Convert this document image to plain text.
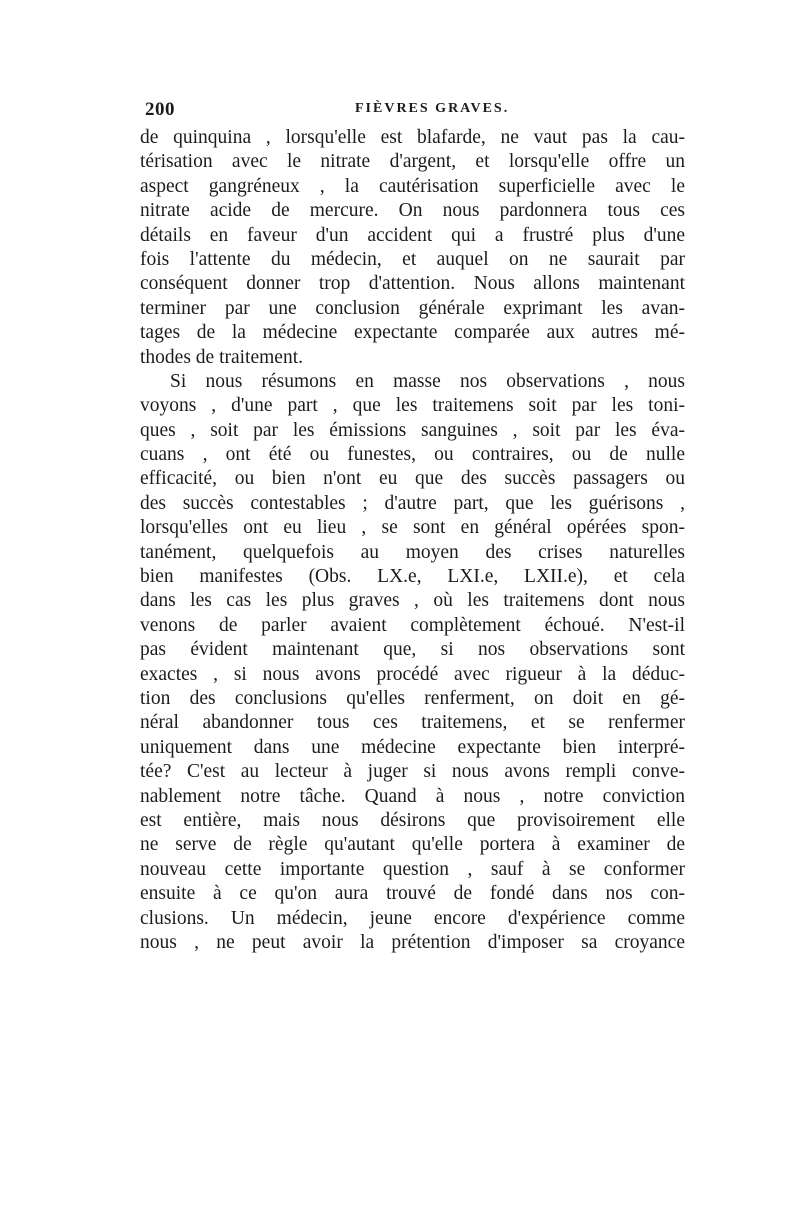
200	FIÈVRES GRAVES.
de quinquina , lorsqu'elle est blafarde, ne vaut pas la cau-
térisation avec le nitrate d'argent, et lorsqu'elle offre un
aspect gangréneux , la cautérisation superficielle avec le
nitrate acide de mercure. On nous pardonnera tous ces
détails en faveur d'un accident qui a frustré plus d'une
fois l'attente du médecin, et auquel on ne saurait par
conséquent donner trop d'attention. Nous allons maintenant
terminer par une conclusion générale exprimant les avan-
tages de la médecine expectante comparée aux autres mé-
thodes de traitement.
Si nous résumons en masse nos observations , nous
voyons , d'une part , que les traitemens soit par les toni-
ques , soit par les émissions sanguines , soit par les éva-
cuans , ont été ou funestes, ou contraires, ou de nulle
efficacité, ou bien n'ont eu que des succès passagers ou
des succès contestables ; d'autre part, que les guérisons ,
lorsqu'elles ont eu lieu , se sont en général opérées spon-
tanément, quelquefois au moyen des crises naturelles
bien manifestes (Obs. LX.e, LXI.e, LXII.e), et cela
dans les cas les plus graves , où les traitemens dont nous
venons de parler avaient complètement échoué. N'est-il
pas évident maintenant que, si nos observations sont
exactes , si nous avons procédé avec rigueur à la déduc-
tion des conclusions qu'elles renferment, on doit en gé-
néral abandonner tous ces traitemens, et se renfermer
uniquement dans une médecine expectante bien interpré-
tée? C'est au lecteur à juger si nous avons rempli conve-
nablement notre tâche. Quand à nous , notre conviction
est entière, mais nous désirons que provisoirement elle
ne serve de règle qu'autant qu'elle portera à examiner de
nouveau cette importante question , sauf à se conformer
ensuite à ce qu'on aura trouvé de fondé dans nos con-
clusions. Un médecin, jeune encore d'expérience comme
nous , ne peut avoir la prétention d'imposer sa croyance
